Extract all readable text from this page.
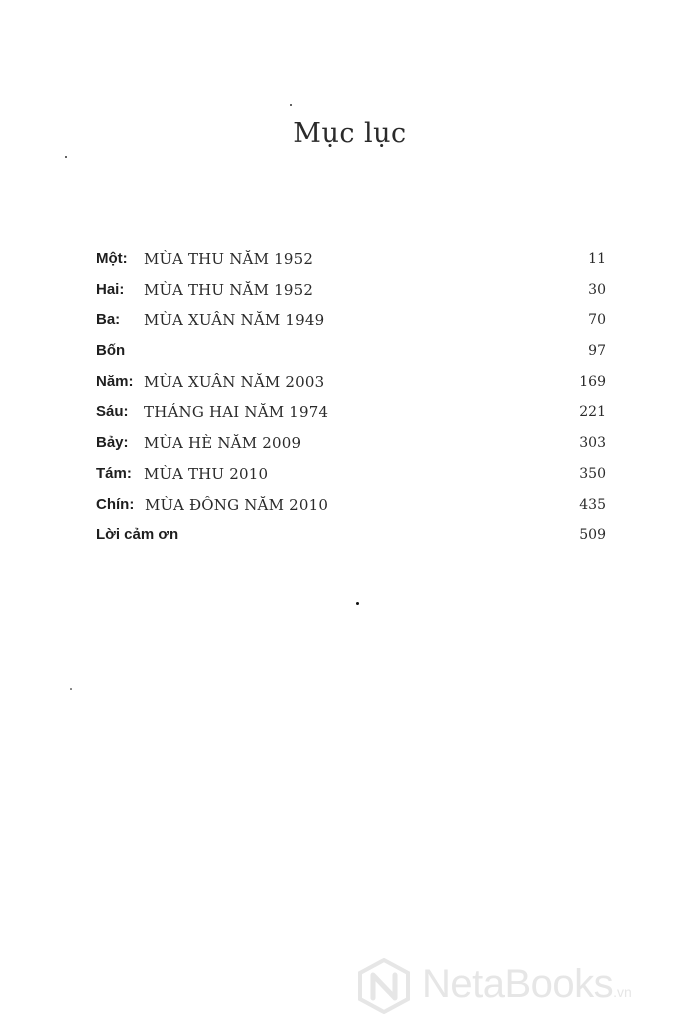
Mục lục
Một: MÙA THU NĂM 1952	11
Hai: MÙA THU NĂM 1952	30
Ba: MÙA XUÂN NĂM 1949	70
Bốn	97
Năm: MÙA XUÂN NĂM 2003	169
Sáu: THÁNG HAI NĂM 1974	221
Bảy: MÙA HÈ NĂM 2009	303
Tám: MÙA THU 2010	350
Chín: MÙA ĐÔNG NĂM 2010	435
Lời cảm ơn	509
NetaBooks.vn
